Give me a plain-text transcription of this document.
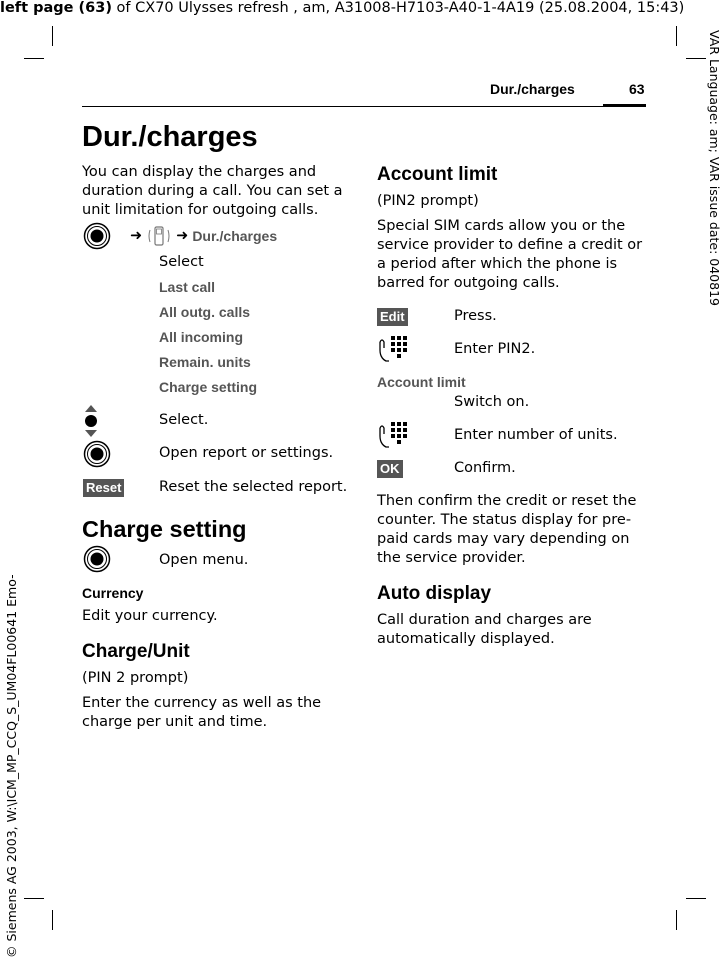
left page (63) of CX70 Ulysses refresh , am, A31008-H7103-A40-1-4A19 (25.08.2004, 15:43)
VAR Language: am; VAR issue date: 040819
© Siemens AG 2003, W:\ICM_MP_CCQ_S_UM04FL00641 Emo-
Dur./charges	63
Dur./charges
You can display the charges and duration during a call. You can set a unit limitation for outgoing calls.
➜ ➜ Dur./charges
Select
Last call
All outg. calls
All incoming
Remain. units
Charge setting
Select.
Open report or settings.
Reset	Reset the selected report.
Charge setting
Open menu.
Currency
Edit your currency.
Charge/Unit
(PIN 2 prompt)
Enter the currency as well as the charge per unit and time.
Account limit
(PIN2 prompt)
Special SIM cards allow you or the service provider to define a credit or a period after which the phone is barred for outgoing calls.
Edit	Press.
Enter PIN2.
Account limit
Switch on.
Enter number of units.
OK	Confirm.
Then confirm the credit or reset the counter. The status display for pre-paid cards may vary depending on the service provider.
Auto display
Call duration and charges are automatically displayed.
